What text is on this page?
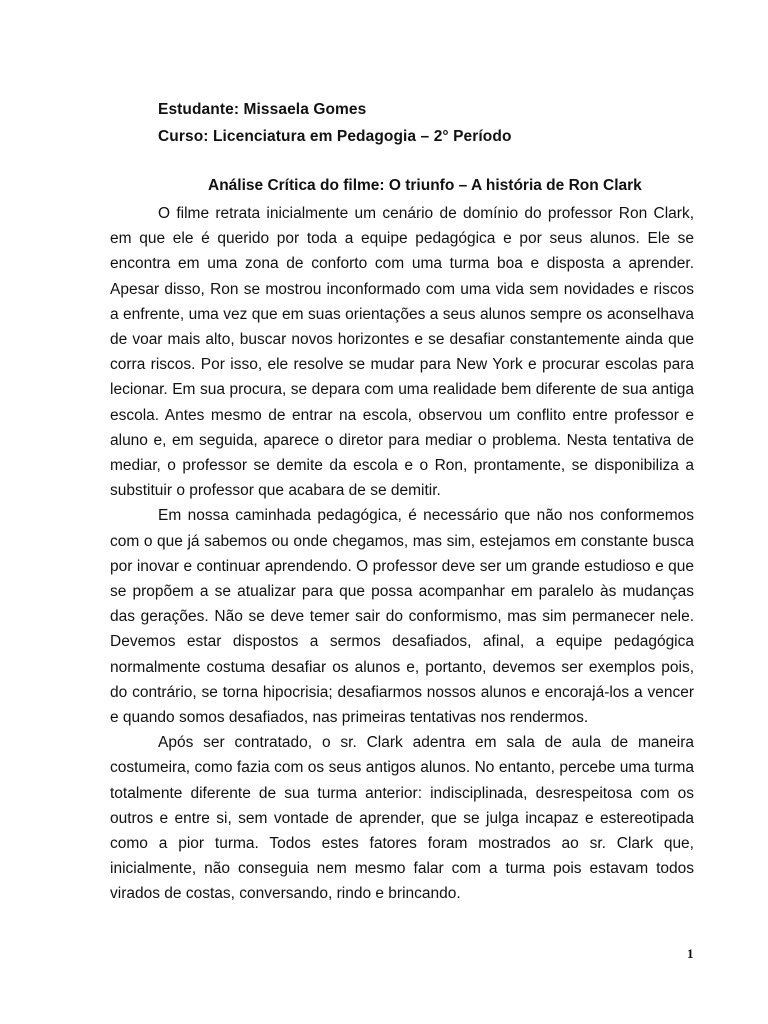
Estudante: Missaela Gomes
Curso: Licenciatura em Pedagogia – 2° Período
Análise Crítica do filme: O triunfo – A história de Ron Clark

O filme retrata inicialmente um cenário de domínio do professor Ron Clark, em que ele é querido por toda a equipe pedagógica e por seus alunos. Ele se encontra em uma zona de conforto com uma turma boa e disposta a aprender. Apesar disso, Ron se mostrou inconformado com uma vida sem novidades e riscos a enfrente, uma vez que em suas orientações a seus alunos sempre os aconselhava de voar mais alto, buscar novos horizontes e se desafiar constantemente ainda que corra riscos. Por isso, ele resolve se mudar para New York e procurar escolas para lecionar. Em sua procura, se depara com uma realidade bem diferente de sua antiga escola. Antes mesmo de entrar na escola, observou um conflito entre professor e aluno e, em seguida, aparece o diretor para mediar o problema. Nesta tentativa de mediar, o professor se demite da escola e o Ron, prontamente, se disponibiliza a substituir o professor que acabara de se demitir.

Em nossa caminhada pedagógica, é necessário que não nos conformemos com o que já sabemos ou onde chegamos, mas sim, estejamos em constante busca por inovar e continuar aprendendo. O professor deve ser um grande estudioso e que se propõem a se atualizar para que possa acompanhar em paralelo às mudanças das gerações. Não se deve temer sair do conformismo, mas sim permanecer nele. Devemos estar dispostos a sermos desafiados, afinal, a equipe pedagógica normalmente costuma desafiar os alunos e, portanto, devemos ser exemplos pois, do contrário, se torna hipocrisia; desafiarmos nossos alunos e encorajá-los a vencer e quando somos desafiados, nas primeiras tentativas nos rendermos.

Após ser contratado, o sr. Clark adentra em sala de aula de maneira costumeira, como fazia com os seus antigos alunos. No entanto, percebe uma turma totalmente diferente de sua turma anterior: indisciplinada, desrespeitosa com os outros e entre si, sem vontade de aprender, que se julga incapaz e estereotipada como a pior turma. Todos estes fatores foram mostrados ao sr. Clark que, inicialmente, não conseguia nem mesmo falar com a turma pois estavam todos virados de costas, conversando, rindo e brincando.

1
